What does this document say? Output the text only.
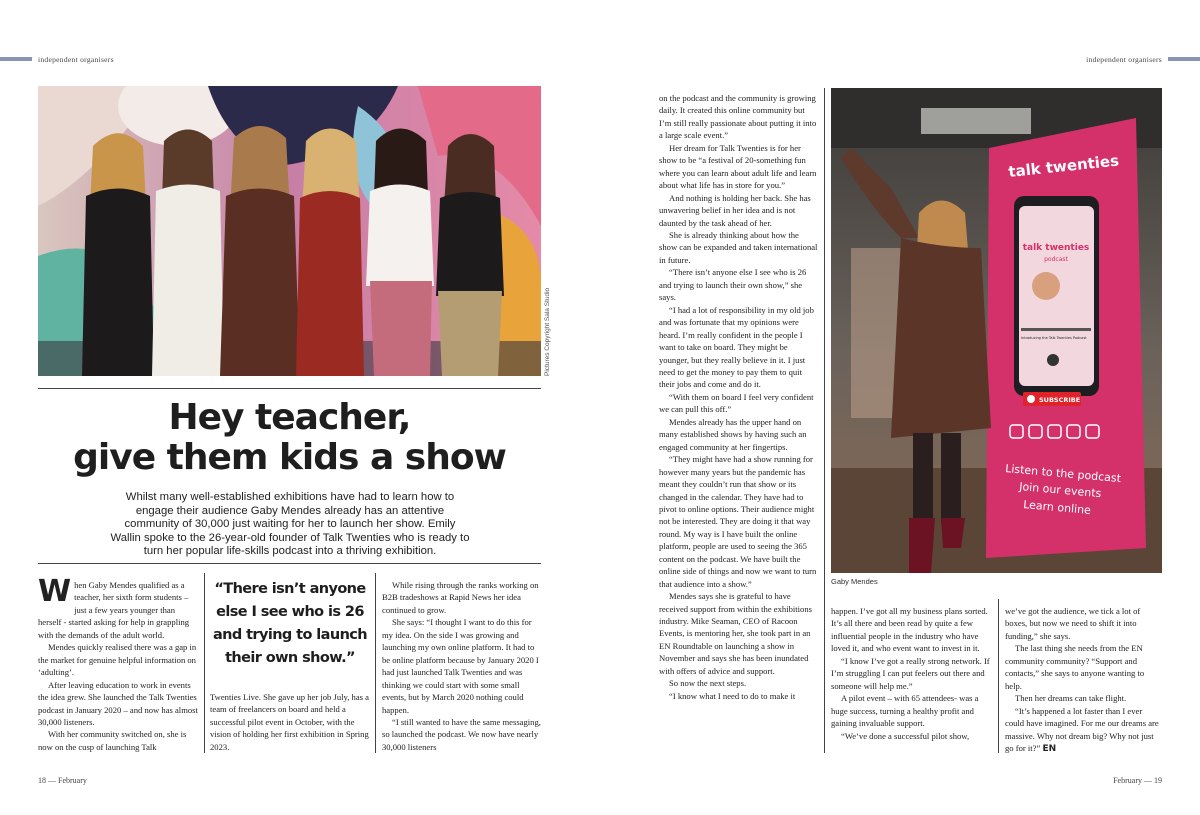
independent organisers	independent organisers
Pictures Copyright Sala Studio
Hey teacher,
give them kids a show
Whilst many well-established exhibitions have had to learn how to engage their audience Gaby Mendes already has an attentive community of 30,000 just waiting for her to launch her show. Emily Wallin spoke to the 26-year-old founder of Talk Twenties who is ready to turn her popular life-skills podcast into a thriving exhibition.

When Gaby Mendes qualified as a teacher, her sixth form students – just a few years younger than herself - started asking for help in grappling with the demands of the adult world.

Mendes quickly realised there was a gap in the market for genuine helpful information on ‘adulting’.

After leaving education to work in events the idea grew. She launched the Talk Twenties podcast in January 2020 – and now has almost 30,000 listeners.

With her community switched on, she is now on the cusp of launching Talk

“There isn’t anyone else I see who is 26 and trying to launch their own show.”

Twenties Live. She gave up her job July, has a team of freelancers on board and held a successful pilot event in October, with the vision of holding her first exhibition in Spring 2023.

While rising through the ranks working on B2B tradeshows at Rapid News her idea continued to grow.

She says: “I thought I want to do this for my idea. On the side I was growing and launching my own online platform. It had to be online platform because by January 2020 I had just launched Talk Twenties and was thinking we could start with some small events, but by March 2020 nothing could happen.

“I still wanted to have the same messaging, so launched the podcast. We now have nearly 30,000 listeners

on the podcast and the community is growing daily. It created this online community but I’m still really passionate about putting it into a large scale event.”

Her dream for Talk Twenties is for her show to be “a festival of 20-something fun where you can learn about adult life and learn about what life has in store for you.”

And nothing is holding her back. She has unwavering belief in her idea and is not daunted by the task ahead of her.

She is already thinking about how the show can be expanded and taken international in future.

“There isn’t anyone else I see who is 26 and trying to launch their own show,” she says.

“I had a lot of responsibility in my old job and was fortunate that my opinions were heard. I’m really confident in the people I want to take on board. They might be younger, but they really believe in it. I just need to get the money to pay them to quit their jobs and come and do it.

“With them on board I feel very confident we can pull this off.”

Mendes already has the upper hand on many established shows by having such an engaged community at her fingertips.

“They might have had a show running for however many years but the pandemic has meant they couldn’t run that show or its changed in the calendar. They have had to pivot to online options. Their audience might not be interested. They are doing it that way round. My way is I have built the online platform, people are used to seeing the 365 content on the podcast. We have built the online side of things and now we want to turn that audience into a show.”

Mendes says she is grateful to have received support from within the exhibitions industry. Mike Seaman, CEO of Racoon Events, is mentoring her, she took part in an EN Roundtable on launching a show in November and says she has been inundated with offers of advice and support.

So now the next steps.

“I know what I need to do to make it

talk twenties
talk twenties
podcast
Introducing the Talk Twenties Podcast
SUBSCRIBE
Listen to the podcast
Join our events
Learn online
Gaby Mendes

happen. I’ve got all my business plans sorted. It’s all there and been read by quite a few influential people in the industry who have loved it, and who event want to invest in it.

“I know I’ve got a really strong network. If I’m struggling I can put feelers out there and someone will help me.”

A pilot event – with 65 attendees- was a huge success, turning a healthy profit and gaining invaluable support.

“We’ve done a successful pilot show,

we’ve got the audience, we tick a lot of boxes, but now we need to shift it into funding,” she says.

The last thing she needs from the EN community community? “Support and contacts,” she says to anyone wanting to help.

Then her dreams can take flight.

“It’s happened a lot faster than I ever could have imagined. For me our dreams are massive. Why not dream big? Why not just go for it?” EN

18 — February	February — 19
